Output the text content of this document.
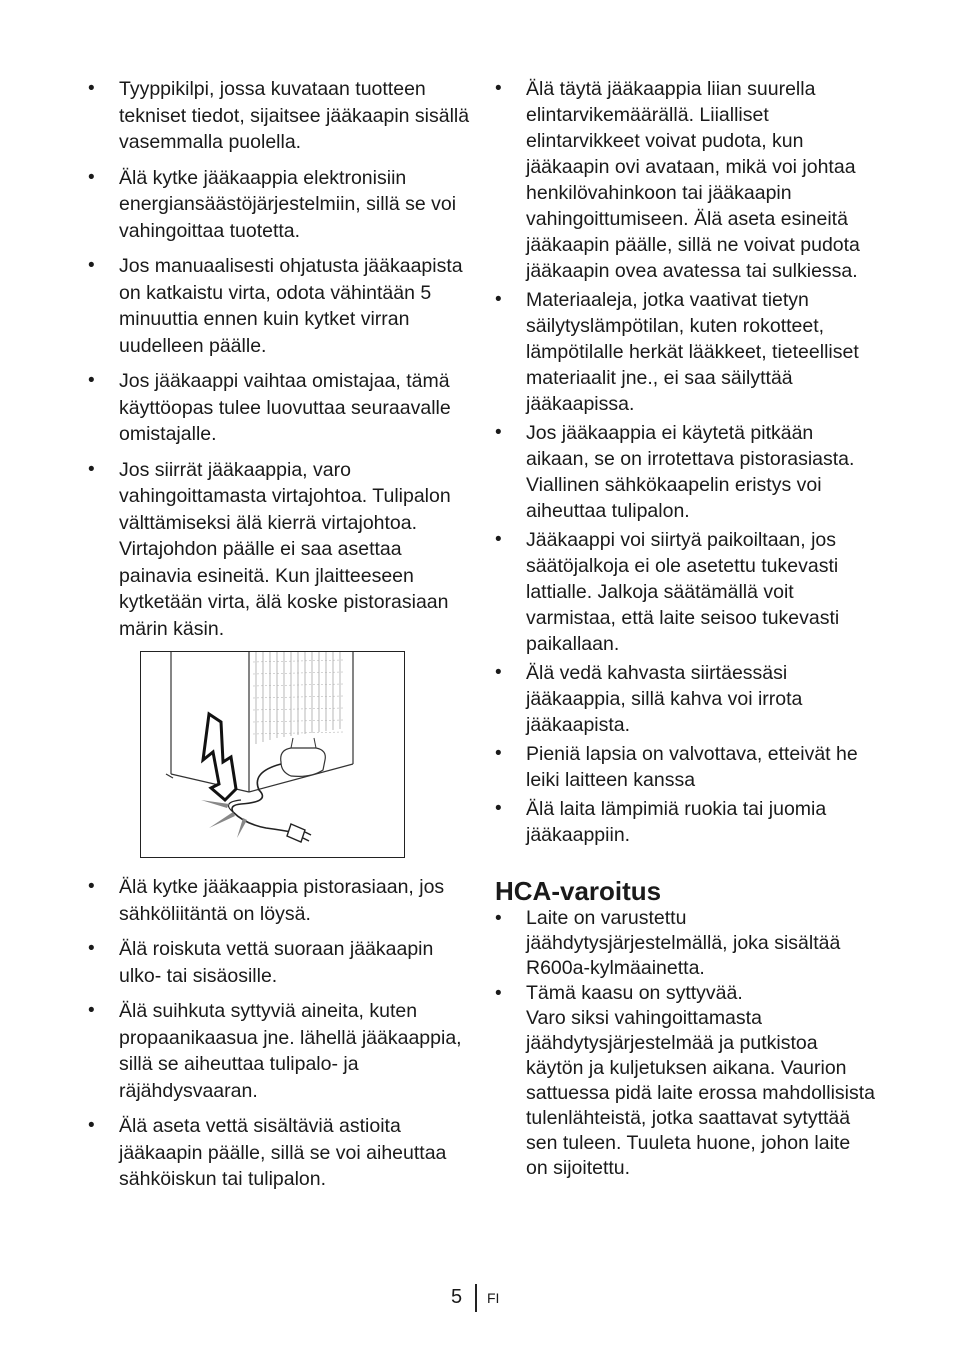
• Tyyppikilpi, jossa kuvataan tuotteen tekniset tiedot, sijaitsee jääkaapin sisällä vasemmalla puolella.
• Älä kytke jääkaappia elektronisiin energiansäästöjärjestelmiin, sillä se voi vahingoittaa tuotetta.
• Jos manuaalisesti ohjatusta jääkaapista on katkaistu virta, odota vähintään 5 minuuttia ennen kuin kytket virran uudelleen päälle.
• Jos jääkaappi vaihtaa omistajaa, tämä käyttöopas tulee luovuttaa seuraavalle omistajalle.
• Jos siirrät jääkaappia, varo vahingoittamasta virtajohtoa. Tulipalon välttämiseksi älä kierrä virtajohtoa. Virtajohdon päälle ei saa asettaa painavia esineitä. Kun jlaitteeseen kytketään virta, älä koske pistorasiaan märin käsin.
• Älä kytke jääkaappia pistorasiaan, jos sähköliitäntä on löysä.
• Älä roiskuta vettä suoraan jääkaapin ulko- tai sisäosille.
• Älä suihkuta syttyviä aineita, kuten propaanikaasua jne. lähellä jääkaappia, sillä se aiheuttaa tulipalo- ja räjähdysvaaran.
• Älä aseta vettä sisältäviä astioita jääkaapin päälle, sillä se voi aiheuttaa sähköiskun tai tulipalon.
• Älä täytä jääkaappia liian suurella elintarvikemäärällä. Liialliset elintarvikkeet voivat pudota, kun jääkaapin ovi avataan, mikä voi johtaa henkilövahinkoon tai jääkaapin vahingoittumiseen. Älä aseta esineitä jääkaapin päälle, sillä ne voivat pudota jääkaapin ovea avatessa tai sulkiessa.
• Materiaaleja, jotka vaativat tietyn säilytyslämpötilan, kuten rokotteet, lämpötilalle herkät lääkkeet, tieteelliset materiaalit jne., ei saa säilyttää jääkaapissa.
• Jos jääkaappia ei käytetä pitkään aikaan, se on irrotettava pistorasiasta. Viallinen sähkökaapelin eristys voi aiheuttaa tulipalon.
• Jääkaappi voi siirtyä paikoiltaan, jos säätöjalkoja ei ole asetettu tukevasti lattialle. Jalkoja säätämällä voit varmistaa, että laite seisoo tukevasti paikallaan.
• Älä vedä kahvasta siirtäessäsi jääkaappia, sillä kahva voi irrota jääkaapista.
• Pieniä lapsia on valvottava, etteivät he leiki laitteen kanssa
• Älä laita lämpimiä ruokia tai juomia jääkaappiin.
HCA-varoitus
• Laite on varustettu jäähdytysjärjestelmällä, joka sisältää R600a-kylmäainetta.
• Tämä kaasu on syttyvää.
Varo siksi vahingoittamasta jäähdytysjärjestelmää ja putkistoa käytön ja kuljetuksen aikana. Vaurion sattuessa pidä laite erossa mahdollisista tulenlähteistä, jotka saattavat sytyttää sen tuleen. Tuuleta huone, johon laite on sijoitettu.
5 FI
